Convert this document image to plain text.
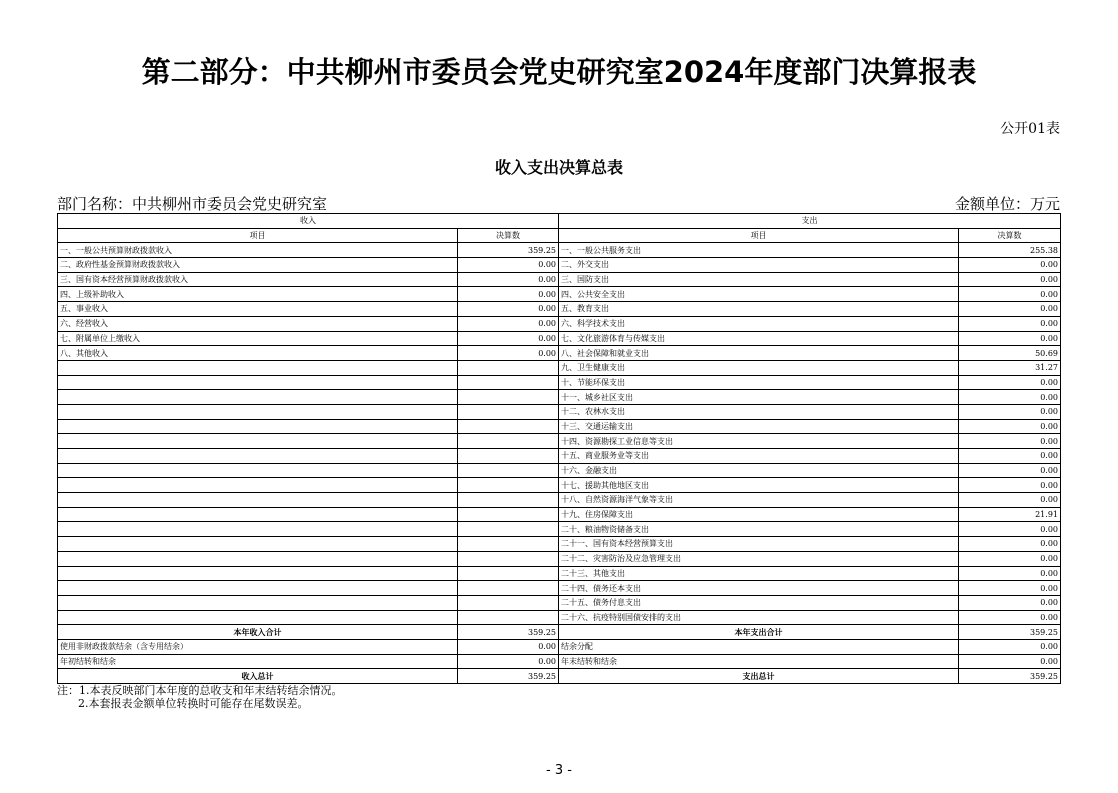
第二部分：中共柳州市委员会党史研究室2024年度部门决算报表
公开01表
收入支出决算总表
部门名称：中共柳州市委员会党史研究室	金额单位：万元
收入		支出	
项目	决算数	项目	决算数
一、一般公共预算财政拨款收入	359.25	一、一般公共服务支出	255.38
二、政府性基金预算财政拨款收入	0.00	二、外交支出	0.00
三、国有资本经营预算财政拨款收入	0.00	三、国防支出	0.00
四、上级补助收入	0.00	四、公共安全支出	0.00
五、事业收入	0.00	五、教育支出	0.00
六、经营收入	0.00	六、科学技术支出	0.00
七、附属单位上缴收入	0.00	七、文化旅游体育与传媒支出	0.00
八、其他收入	0.00	八、社会保障和就业支出	50.69
		九、卫生健康支出	31.27
		十、节能环保支出	0.00
		十一、城乡社区支出	0.00
		十二、农林水支出	0.00
		十三、交通运输支出	0.00
		十四、资源勘探工业信息等支出	0.00
		十五、商业服务业等支出	0.00
		十六、金融支出	0.00
		十七、援助其他地区支出	0.00
		十八、自然资源海洋气象等支出	0.00
		十九、住房保障支出	21.91
		二十、粮油物资储备支出	0.00
		二十一、国有资本经营预算支出	0.00
		二十二、灾害防治及应急管理支出	0.00
		二十三、其他支出	0.00
		二十四、债务还本支出	0.00
		二十五、债务付息支出	0.00
		二十六、抗疫特别国债安排的支出	0.00
本年收入合计	359.25	本年支出合计	359.25
使用非财政拨款结余（含专用结余）	0.00	结余分配	0.00
年初结转和结余	0.00	年末结转和结余	0.00
收入总计	359.25	支出总计	359.25
注：1.本表反映部门本年度的总收支和年末结转结余情况。
2.本套报表金额单位转换时可能存在尾数误差。
- 3 -
